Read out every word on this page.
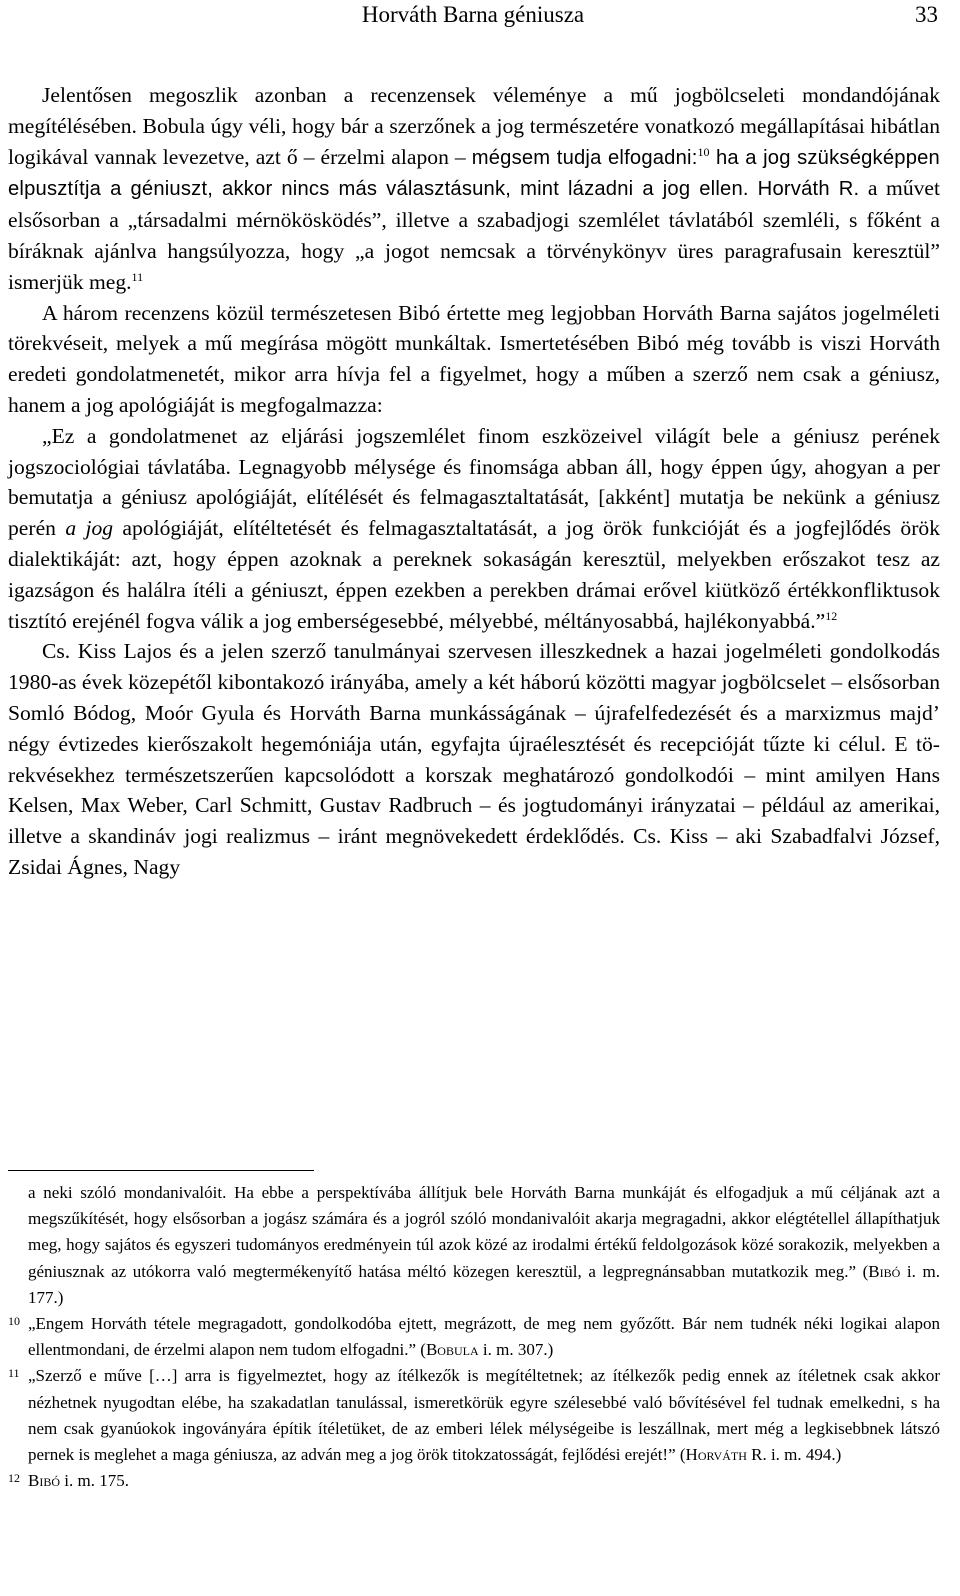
Horváth Barna géniusza	33

Jelentősen megoszlik azonban a recenzensek véleménye a mű jogbölcseleti mondandójának megítélésében. Bobula úgy véli, hogy bár a szerzőnek a jog természetére vonatkozó megállapításai hibátlan logikával vannak levezetve, azt ő – érzelmi alapon – mégsem tudja elfogadni:$^{10}$ ha a jog szükségképpen elpusztítja a géniuszt, akkor nincs más választásunk, mint lázadni a jog ellen. Horváth R. a művet elsősorban a „társadalmi mérnökösködés”, illetve a szabadjogi szemlélet távlatából szemléli, s főként a bíráknak ajánlva hangsúlyozza, hogy „a jogot nemcsak a törvénykönyv üres paragrafusain keresztül” ismerjük meg.$^{11}$

A három recenzens közül természetesen Bibó értette meg legjobban Horváth Barna sajátos jogelméleti törekvéseit, melyek a mű megírása mögött munkáltak. Ismertetésében Bibó még tovább is viszi Horváth eredeti gondolatmenetét, mikor arra hívja fel a figyelmet, hogy a műben a szerző nem csak a géniusz, hanem a jog apológiáját is megfogalmazza:

„Ez a gondolatmenet az eljárási jogszemlélet finom eszközeivel világít bele a géniusz perének jogszociológiai távlatába. Legnagyobb mélysége és finomsága abban áll, hogy éppen úgy, ahogyan a per bemutatja a géniusz apológiáját, elítélését és felmagasztaltatását, [akként] mutatja be nekünk a géniusz perén a jog apológiáját, elítéltetését és felmagasztaltatását, a jog örök funkcióját és a jogfejlődés örök dialektikáját: azt, hogy éppen azoknak a pereknek sokaságán keresztül, melyekben erőszakot tesz az igazságon és halálra ítéli a géniuszt, éppen ezekben a perekben drámai erővel kiütköző értékkonfliktusok tisztító erejénél fogva válik a jog emberségesebbé, mélyebbé, méltányosabbá, hajlékonyabbá.”$^{12}$

Cs. Kiss Lajos és a jelen szerző tanulmányai szervesen illeszkednek a hazai jogelméleti gondolkodás 1980-as évek közepétől kibontakozó irányába, amely a két háború közötti magyar jogbölcselet – elsősorban Somló Bódog, Moór Gyula és Horváth Barna munkásságának – újrafelfedezését és a marxizmus majd’ négy évtizedes kierőszakolt hegemóniája után, egyfajta újraélesztését és recepcióját tűzte ki célul. E törekvésekhez természetszerűen kapcsolódott a korszak meghatározó gondolkodói – mint amilyen Hans Kelsen, Max Weber, Carl Schmitt, Gustav Radbruch – és jogtudományi irányzatai – például az amerikai, illetve a skandináv jogi realizmus – iránt megnövekedett érdeklődés. Cs. Kiss – aki Szabadfalvi József, Zsidai Ágnes, Nagy

a neki szóló mondanivalóit. Ha ebbe a perspektívába állítjuk bele Horváth Barna munkáját és elfogadjuk a mű céljának azt a megszűkítését, hogy elsősorban a jogász számára és a jogról szóló mondanivalóit akarja megragadni, akkor elégtétellel állapíthatjuk meg, hogy sajátos és egyszeri tudományos eredményein túl azok közé az irodalmi értékű feldolgozások közé sorakozik, melyekben a géniusznak az utókorra való megtermékenyítő hatása méltó közegen keresztül, a legpregnánsabban mutatkozik meg.” (Bibó i. m. 177.)

10 „Engem Horváth tétele megragadott, gondolkodóba ejtett, megrázott, de meg nem győzőtt. Bár nem tudnék néki logikai alapon ellentmondani, de érzelmi alapon nem tudom elfogadni.” (Bobula i. m. 307.)

11 „Szerző e műve […] arra is figyelmeztet, hogy az ítélkezők is megítéltetnek; az ítélkezők pedig ennek az ítéletnek csak akkor nézhetnek nyugodtan elébe, ha szakadatlan tanulással, ismeretkörük egyre szélesebbé való bővítésével fel tudnak emelkedni, s ha nem csak gyanúokok ingoványára építik ítéletüket, de az emberi lélek mélységeibe is leszállnak, mert még a legkisebbnek látszó pernek is meglehet a maga géniusza, az adván meg a jog örök titokzatosságát, fejlődési erejét!” (Horváth R. i. m. 494.)

12 Bibó i. m. 175.
